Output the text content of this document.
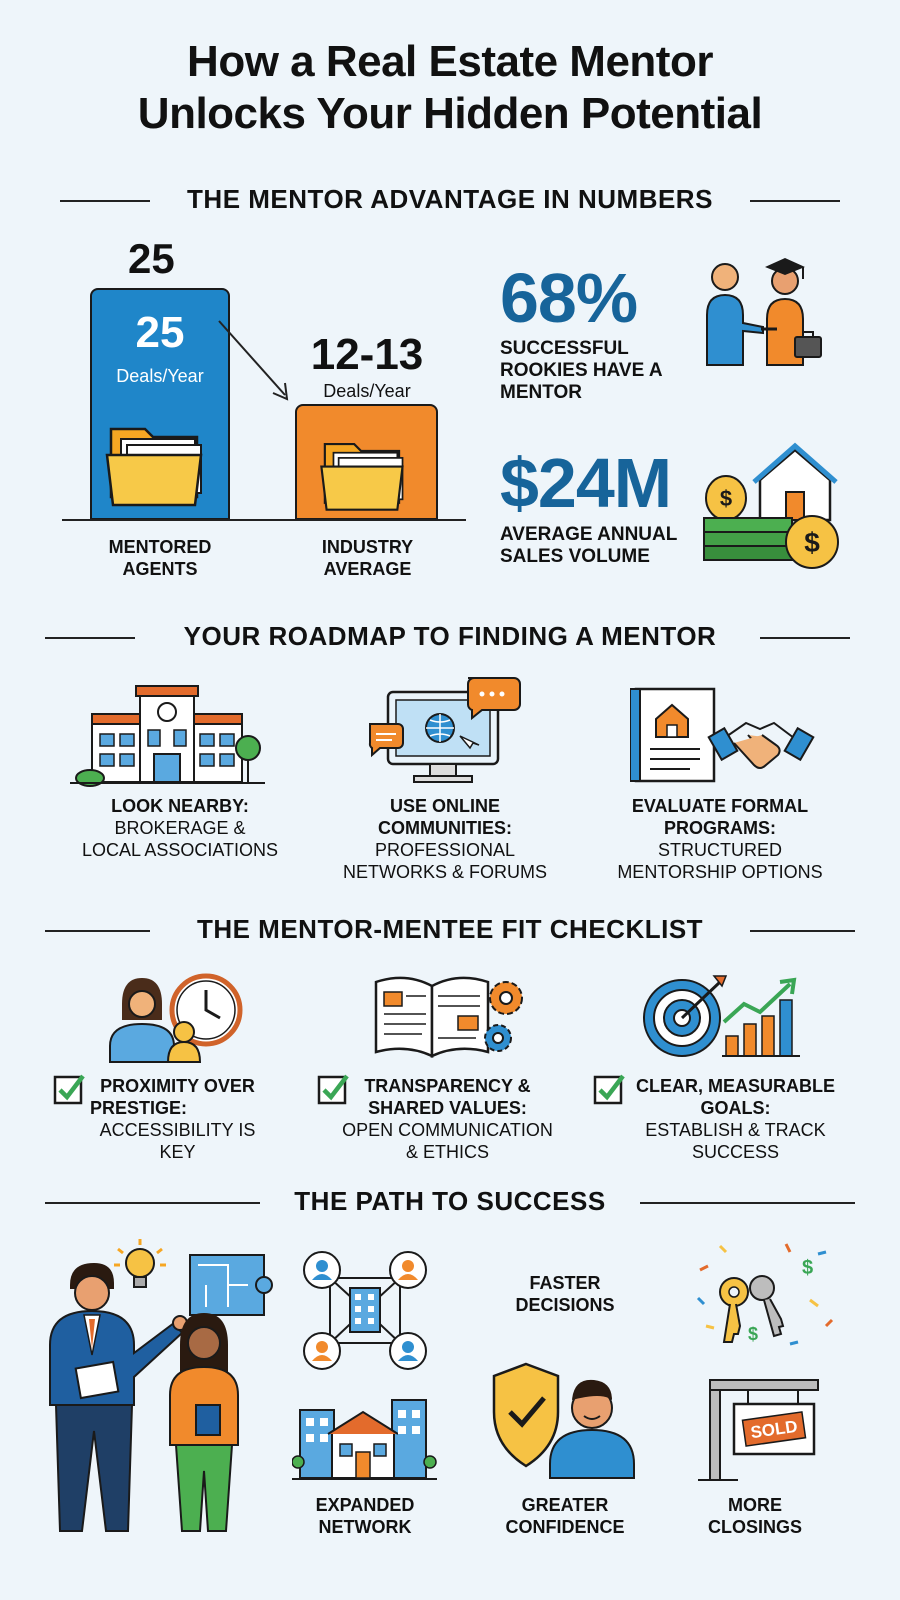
How a Real Estate Mentor
Unlocks Your Hidden Potential
THE MENTOR ADVANTAGE IN NUMBERS
25
25
Deals/Year	12-13
Deals/Year
MENTORED AGENTS
INDUSTRY AVERAGE
68%
SUCCESSFUL
ROOKIES HAVE A
MENTOR
$24M
AVERAGE ANNUAL
SALES VOLUME
$
$
YOUR ROADMAP TO FINDING A MENTOR
LOOK NEARBY:
BROKERAGE &
LOCAL ASSOCIATIONS
USE ONLINE
COMMUNITIES:
PROFESSIONAL
NETWORKS & FORUMS
EVALUATE FORMAL
PROGRAMS:
STRUCTURED
MENTORSHIP OPTIONS
THE MENTOR-MENTEE FIT CHECKLIST
PROXIMITY OVER
PRESTIGE:
ACCESSIBILITY IS
KEY
TRANSPARENCY &
SHARED VALUES:
OPEN COMMUNICATION
& ETHICS
CLEAR, MEASURABLE
GOALS:
ESTABLISH & TRACK
SUCCESS
THE PATH TO SUCCESS
FASTER
DECISIONS
$
$
SOLD
EXPANDED
NETWORK
GREATER
CONFIDENCE
MORE
CLOSINGS
